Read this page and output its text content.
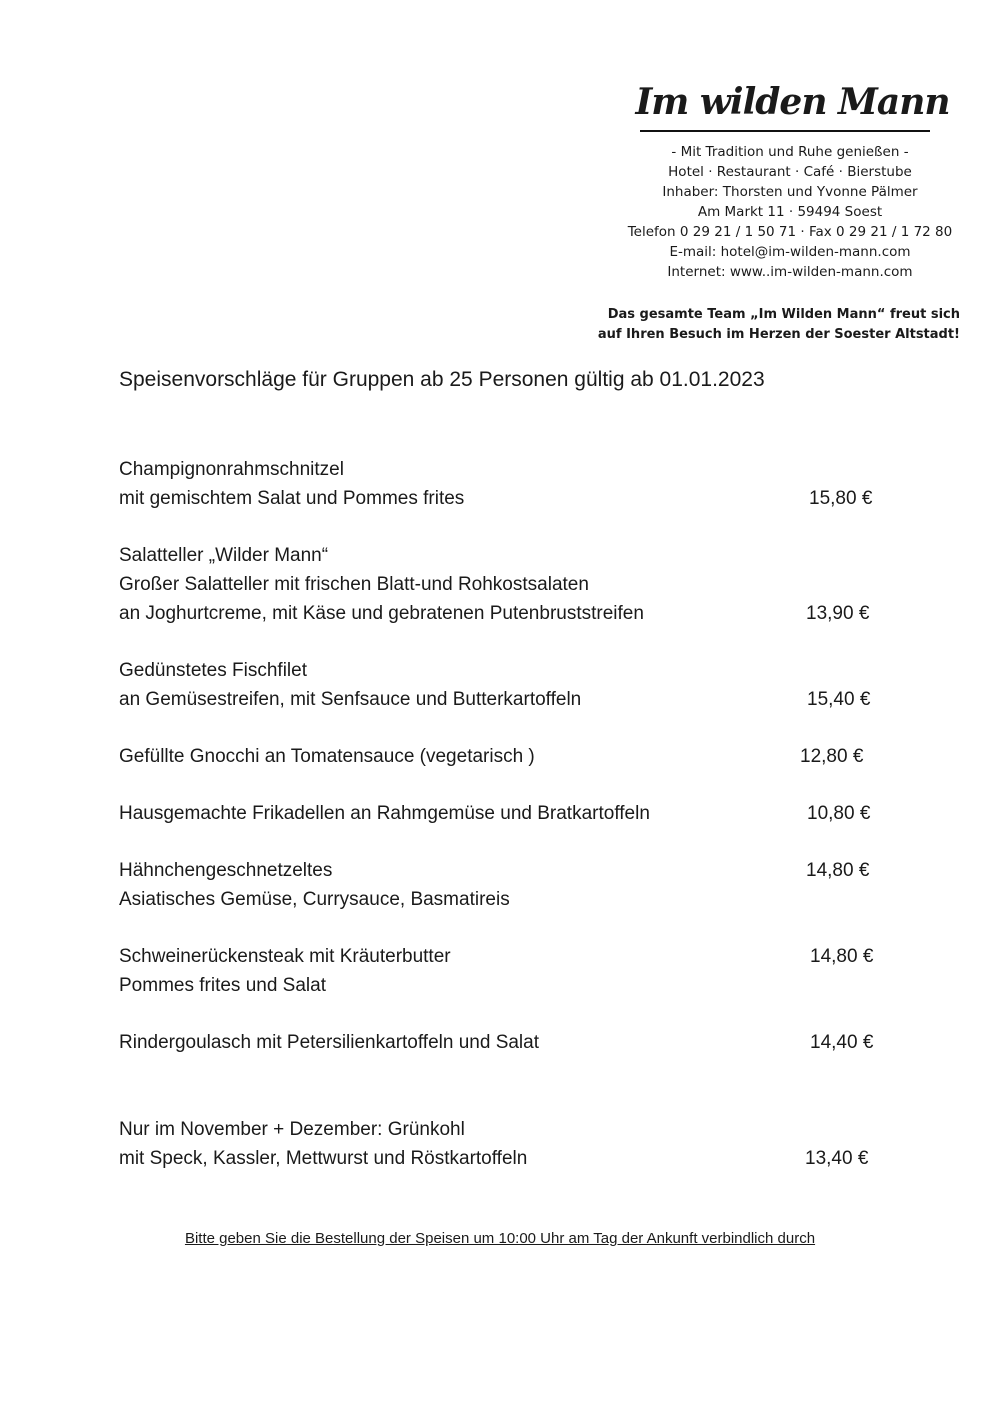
Im wilden Mann
- Mit Tradition und Ruhe genießen -
Hotel · Restaurant · Café · Bierstube
Inhaber: Thorsten und Yvonne Pälmer
Am Markt 11 · 59494 Soest
Telefon 0 29 21 / 1 50 71 · Fax 0 29 21 / 1 72 80
E-mail: hotel@im-wilden-mann.com
Internet: www..im-wilden-mann.com
Das gesamte Team „Im Wilden Mann“ freut sich
auf Ihren Besuch im Herzen der Soester Altstadt!
Speisenvorschläge für Gruppen ab 25 Personen gültig ab 01.01.2023
Champignonrahmschnitzel
mit gemischtem Salat und Pommes frites	15,80 €
Salatteller „Wilder Mann“
Großer Salatteller mit frischen Blatt-und Rohkostsalaten
an Joghurtcreme, mit Käse und gebratenen Putenbruststreifen	13,90 €
Gedünstetes Fischfilet
an Gemüsestreifen, mit Senfsauce und Butterkartoffeln	15,40 €
Gefüllte Gnocchi an Tomatensauce (vegetarisch )	12,80 €
Hausgemachte Frikadellen an Rahmgemüse und Bratkartoffeln	10,80 €
Hähnchengeschnetzeltes
Asiatisches Gemüse, Currysauce, Basmatireis
14,80 €
Schweinerückensteak mit Kräuterbutter
Pommes frites und Salat
14,80 €
Rindergoulasch mit Petersilienkartoffeln und Salat	14,40 €
Nur im November + Dezember: Grünkohl
mit Speck, Kassler, Mettwurst und Röstkartoffeln	13,40 €
Bitte geben Sie die Bestellung der Speisen um 10:00 Uhr am Tag der Ankunft verbindlich durch
